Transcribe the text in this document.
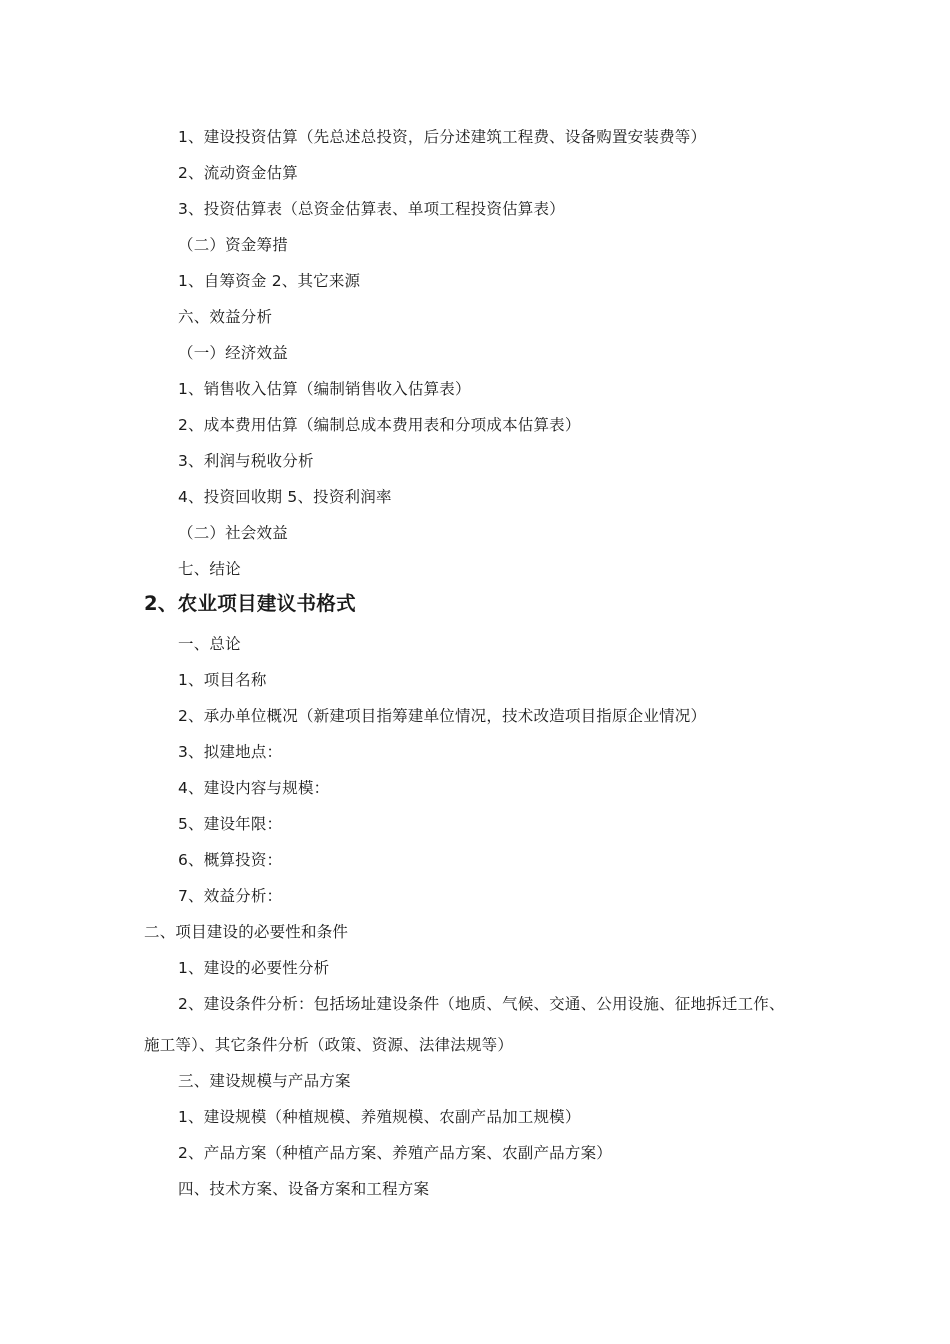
1、建设投资估算（先总述总投资，后分述建筑工程费、设备购置安装费等）
2、流动资金估算
3、投资估算表（总资金估算表、单项工程投资估算表）
（二）资金筹措
1、自筹资金 2、其它来源
六、效益分析
（一）经济效益
1、销售收入估算（编制销售收入估算表）
2、成本费用估算（编制总成本费用表和分项成本估算表）
3、利润与税收分析
4、投资回收期 5、投资利润率
（二）社会效益
七、结论
2、农业项目建议书格式
一、总论
1、项目名称
2、承办单位概况（新建项目指筹建单位情况，技术改造项目指原企业情况）
3、拟建地点：
4、建设内容与规模：
5、建设年限：
6、概算投资：
7、效益分析：
二、项目建设的必要性和条件
1、建设的必要性分析
2、建设条件分析：包括场址建设条件（地质、气候、交通、公用设施、征地拆迁工作、
施工等）、其它条件分析（政策、资源、法律法规等）
三、建设规模与产品方案
1、建设规模（种植规模、养殖规模、农副产品加工规模）
2、产品方案（种植产品方案、养殖产品方案、农副产品方案）
四、技术方案、设备方案和工程方案
